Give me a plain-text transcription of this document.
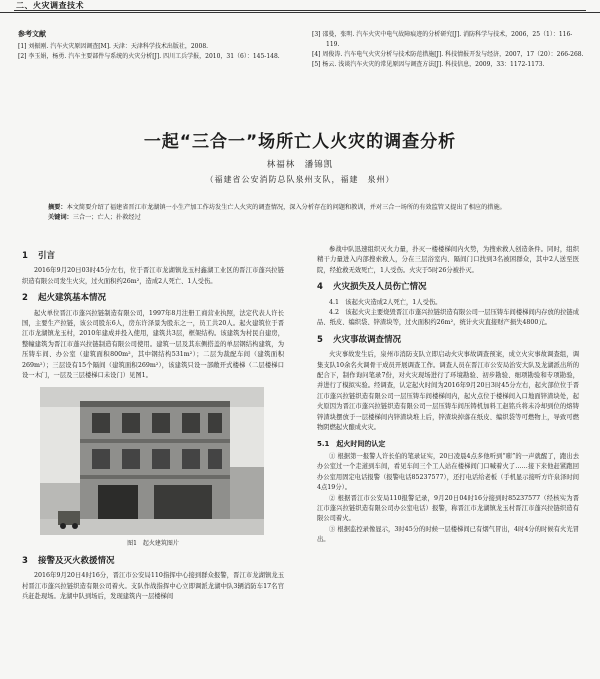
二、火灾调查技术
参考文献
[1] 刘振刚. 汽车火灾原因调查[M]. 天津：天津科学技术出版社，2008.
[2] 李玉娟，杨勇. 汽车主要部件与系统的火灾分析[J]. 四川工兵学报，2010，31（6）：145-148.
[3] 邵曼，张明. 汽车火灾中电气故障痕迹的分析研究[J]. 消防科学与技术，2006，25（1）：116-119.
[4] 周俊涛. 汽车电气火灾分析与技术防范措施[J]. 科技情报开发与经济，2007，17（20）：266-268.
[5] 杨云. 浅谈汽车火灾的常见原因与调查方法[J]. 科技信息，2009，33：1172-1173.
一起“三合一”场所亡人火灾的调查分析
林福林　潘锦凯
（福建省公安消防总队泉州支队，福建　泉州）
摘要：本文简要介绍了福建省晋江市龙湖镇一小生产加工作坊发生亡人火灾的调查情况，深入分析存在的问题和教训，并对三合一场所的有效监管又提出了相应的措施。
关键词：三合一；亡人；扑救经过
1 引言
2016年9月20日03时45分左右，位于晋江市龙湖镇龙玉村鑫湖工业区的晋江市蓬兴拉链织造有限公司发生火灾，过火面积约26m²，造成2人死亡、1人受伤。
2 起火建筑基本情况
起火单位晋江市蓬兴拉链制造有限公司，1997年8月注册工商营业执照，法定代表人许长国，主要生产拉链，该公司股东6人，房东许泽景为股东之一，员工共20人。起火建筑位于晋江市龙湖镇龙玉村，2010年建成并投入使用，建筑共3层，框架结构。该建筑为村民自建房，整幢建筑为晋江市蓬兴拉链制造有限公司使用。建筑一层及其东侧搭盖的单层钢结构建筑，为压铸车间、办公室（建筑面积800m²，其中钢结构531m²）；二层为裁配车间（建筑面积269m²）；三层设有15个隔间（建筑面积269m²），该建筑只设一部敞开式楼梯（二层楼梯口设一木门，一层及三层楼梯口未设门）见图1。
图1　起火建筑图片
3 接警及灭火救援情况
2016年9月20日4时16分，晋江市公安局110指挥中心接到群众报警，晋江市龙湖镇龙玉村晋江市蓬兴拉链织造有限公司着火。支队作战指挥中心立即调派龙湖中队3辆消防车17名官兵赶赴现场。龙湖中队到场后，发现建筑内一层楼梯间
参战中队迅速组织灭火力量，扑灭一楼楼梯间内火势，为搜索救人创造条件。同时，组织精干力量进入内部搜索救人，分在三层浴室内、隔间门口找到3名被困群众，其中2人送至医院，经抢救无效死亡，1人受伤。火灾于5时26分被扑灭。
4 火灾损失及人员伤亡情况
4.1　该起火灾造成2人死亡，1人受伤。
4.2　该起火灾主要烧毁晋江市蓬兴拉链织造有限公司一层压铸车间楼梯间内存放的拉链成品、纸皮、编织袋、锌渣块等，过火面积约26m²，统计火灾直接财产损失4800元。
5 火灾事故调查情况
火灾事故发生后，泉州市消防支队立即启动火灾事故调查预案，成立火灾事故调查组，调集支队10余名火调骨干成员开展调查工作。调查人员在晋江市公安局治安大队及龙湖派出所的配合下，制作询问笔录7份，对火灾现场进行了环境勘验、初步勘验、细项勘验和专项勘验，并进行了模拟实验。经调查，认定起火时间为2016年9月20日3时45分左右，起火部位位于晋江市蓬兴拉链织造有限公司一层压铸车间楼梯间内，起火点位于楼梯间入口地面锌渣块处，起火原因为晋江市蓬兴拉链织造有限公司一层压铸车间压铸机加料工赵铭兵将未冷却到位的熔铸锌渣块摆放于一层楼梯间内锌渣块堆上后，锌渣块掉落在纸皮、编织袋等可燃物上，导致可燃物阴燃起火酿成火灾。
5.1　 起火时间的认定
① 根据第一报警人许长伯的笔录证实，20日凌晨4点多他听到“嘭”的一声就醒了，跑出去办公室过一个走道到车间，看见车间三个工人站在楼梯间门口喊着火了……接下来他赶紧跑回办公室用固定电话报警（报警电话85237577），还打电话给老板（手机显示接听方许泉泽时间4点19分）。
② 根据晋江市公安局110报警记录，9月20日04时16分接到时85237577（经核实为晋江市蓬兴拉链织造有限公司办公室电话）报警，称晋江市龙湖镇龙玉村晋江市蓬兴拉链织造有限公司着火。
③ 根据监控录像显示，3时45分的时候一层楼梯间已有烟气冒出，4时4分的时候有火光冒出。
